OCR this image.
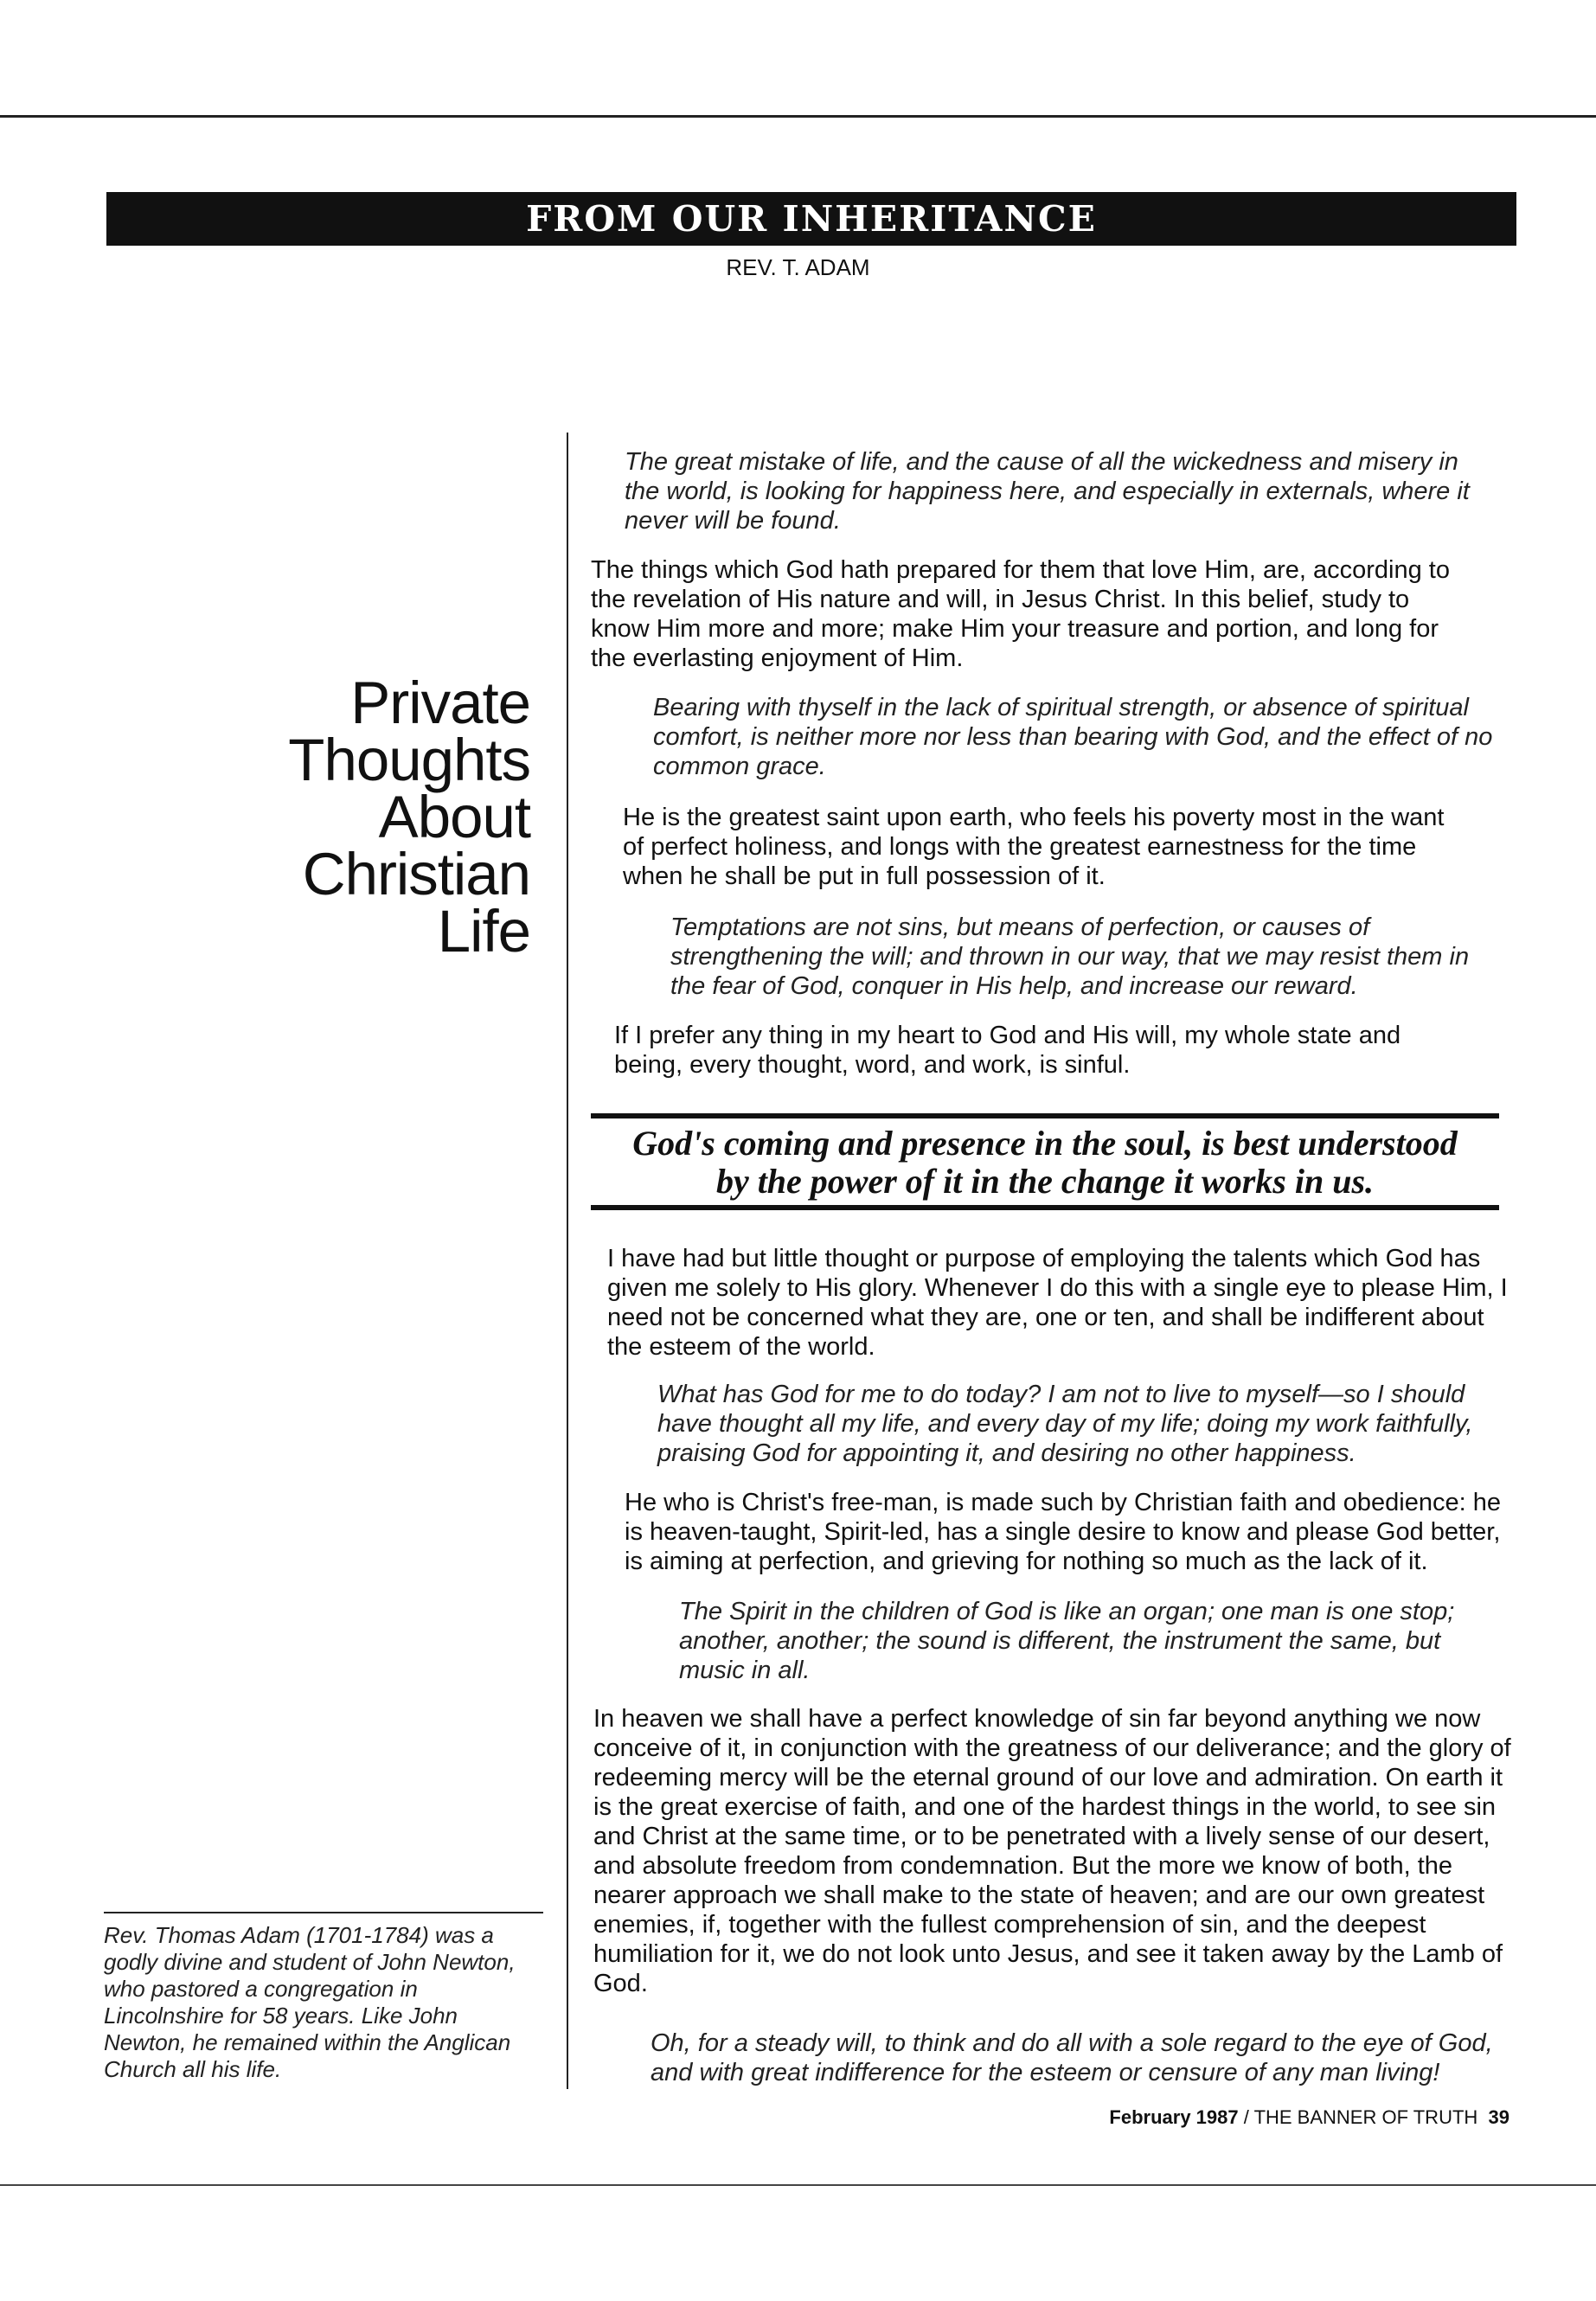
FROM OUR INHERITANCE
REV. T. ADAM
Private
Thoughts
About
Christian
Life

Rev. Thomas Adam (1701-1784) was a godly divine and student of John Newton, who pastored a congregation in Lincolnshire for 58 years. Like John Newton, he remained within the Anglican Church all his life.

The great mistake of life, and the cause of all the wickedness and misery in the world, is looking for happiness here, and especially in externals, where it never will be found.

The things which God hath prepared for them that love Him, are, according to the revelation of His nature and will, in Jesus Christ. In this belief, study to know Him more and more; make Him your treasure and portion, and long for the everlasting enjoyment of Him.

Bearing with thyself in the lack of spiritual strength, or absence of spiritual comfort, is neither more nor less than bearing with God, and the effect of no common grace.

He is the greatest saint upon earth, who feels his poverty most in the want of perfect holiness, and longs with the greatest earnestness for the time when he shall be put in full possession of it.

Temptations are not sins, but means of perfection, or causes of strengthening the will; and thrown in our way, that we may resist them in the fear of God, conquer in His help, and increase our reward.

If I prefer any thing in my heart to God and His will, my whole state and being, every thought, word, and work, is sinful.

God's coming and presence in the soul, is best understood
by the power of it in the change it works in us.

I have had but little thought or purpose of employing the talents which God has given me solely to His glory. Whenever I do this with a single eye to please Him, I need not be concerned what they are, one or ten, and shall be indifferent about the esteem of the world.

What has God for me to do today? I am not to live to myself—so I should have thought all my life, and every day of my life; doing my work faithfully, praising God for appointing it, and desiring no other happiness.

He who is Christ's free-man, is made such by Christian faith and obedience: he is heaven-taught, Spirit-led, has a single desire to know and please God better, is aiming at perfection, and grieving for nothing so much as the lack of it.

The Spirit in the children of God is like an organ; one man is one stop; another, another; the sound is different, the instrument the same, but music in all.

In heaven we shall have a perfect knowledge of sin far beyond anything we now conceive of it, in conjunction with the greatness of our deliverance; and the glory of redeeming mercy will be the eternal ground of our love and admiration. On earth it is the great exercise of faith, and one of the hardest things in the world, to see sin and Christ at the same time, or to be penetrated with a lively sense of our desert, and absolute freedom from condemnation. But the more we know of both, the nearer approach we shall make to the state of heaven; and are our own greatest enemies, if, together with the fullest comprehension of sin, and the deepest humiliation for it, we do not look unto Jesus, and see it taken away by the Lamb of God.

Oh, for a steady will, to think and do all with a sole regard to the eye of God, and with great indifference for the esteem or censure of any man living!

February 1987 / THE BANNER OF TRUTH 39
